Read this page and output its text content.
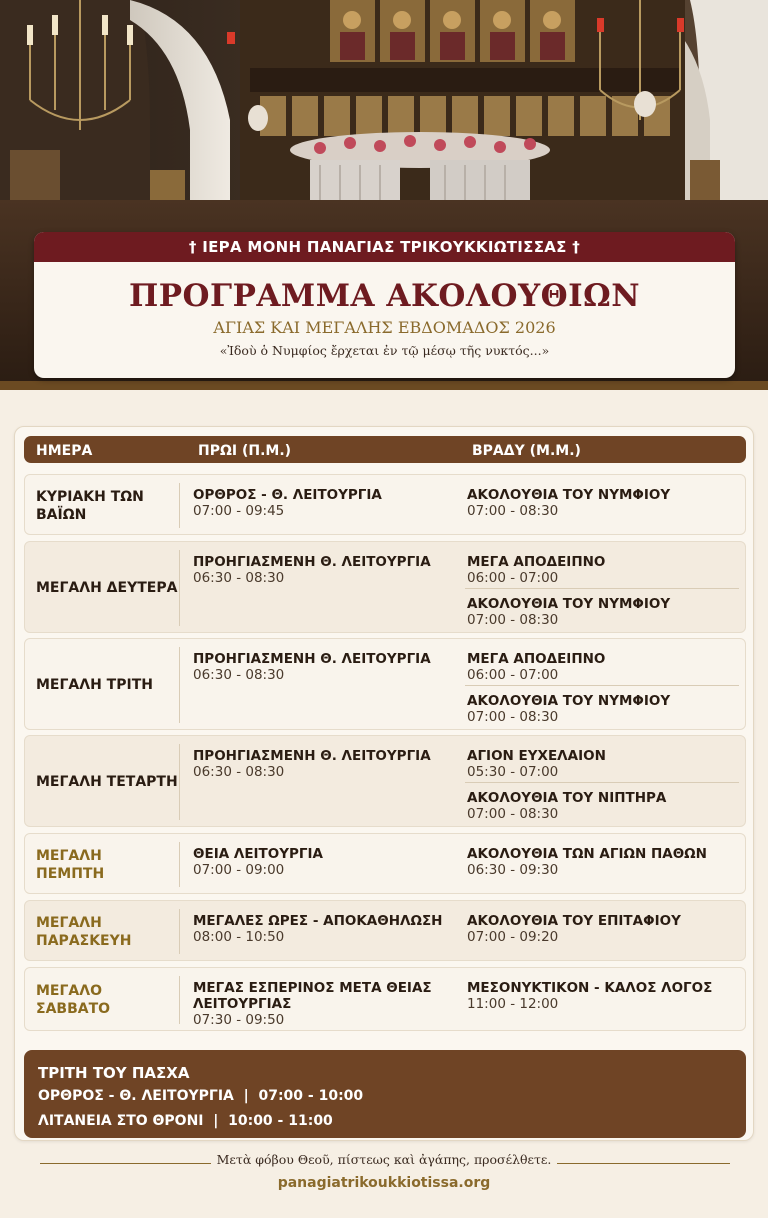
† ΙΕΡΑ ΜΟΝΗ ΠΑΝΑΓΙΑΣ ΤΡΙΚΟΥΚΚΙΩΤΙΣΣΑΣ †
ΠΡΟΓΡΑΜΜΑ ΑΚΟΛΟΥΘΙΩΝ
ΑΓΙΑΣ ΚΑΙ ΜΕΓΑΛΗΣ ΕΒΔΟΜΑΔΟΣ 2026
«Ἰδοὺ ὁ Νυμφίος ἔρχεται ἐν τῷ μέσῳ τῆς νυκτός...»
ΗΜΕΡΑ	ΠΡΩΙ (Π.Μ.)	ΒΡΑΔΥ (Μ.Μ.)
ΚΥΡΙΑΚΗ ΤΩΝ ΒΑΪΩΝ
ΟΡΘΡΟΣ - Θ. ΛΕΙΤΟΥΡΓΙΑ
07:00 - 09:45
ΑΚΟΛΟΥΘΙΑ ΤΟΥ ΝΥΜΦΙΟΥ
07:00 - 08:30
ΜΕΓΑΛΗ ΔΕΥΤΕΡΑ
ΠΡΟΗΓΙΑΣΜΕΝΗ Θ. ΛΕΙΤΟΥΡΓΙΑ
06:30 - 08:30
ΜΕΓΑ ΑΠΟΔΕΙΠΝΟ
06:00 - 07:00
ΑΚΟΛΟΥΘΙΑ ΤΟΥ ΝΥΜΦΙΟΥ
07:00 - 08:30
ΜΕΓΑΛΗ ΤΡΙΤΗ
ΠΡΟΗΓΙΑΣΜΕΝΗ Θ. ΛΕΙΤΟΥΡΓΙΑ
06:30 - 08:30
ΜΕΓΑ ΑΠΟΔΕΙΠΝΟ
06:00 - 07:00
ΑΚΟΛΟΥΘΙΑ ΤΟΥ ΝΥΜΦΙΟΥ
07:00 - 08:30
ΜΕΓΑΛΗ ΤΕΤΑΡΤΗ
ΠΡΟΗΓΙΑΣΜΕΝΗ Θ. ΛΕΙΤΟΥΡΓΙΑ
06:30 - 08:30
ΑΓΙΟΝ ΕΥΧΕΛΑΙΟΝ
05:30 - 07:00
ΑΚΟΛΟΥΘΙΑ ΤΟΥ ΝΙΠΤΗΡΑ
07:00 - 08:30
ΜΕΓΑΛΗ ΠΕΜΠΤΗ
ΘΕΙΑ ΛΕΙΤΟΥΡΓΙΑ
07:00 - 09:00
ΑΚΟΛΟΥΘΙΑ ΤΩΝ ΑΓΙΩΝ ΠΑΘΩΝ
06:30 - 09:30
ΜΕΓΑΛΗ ΠΑΡΑΣΚΕΥΗ
ΜΕΓΑΛΕΣ ΩΡΕΣ - ΑΠΟΚΑΘΗΛΩΣΗ
08:00 - 10:50
ΑΚΟΛΟΥΘΙΑ ΤΟΥ ΕΠΙΤΑΦΙΟΥ
07:00 - 09:20
ΜΕΓΑΛΟ ΣΑΒΒΑΤΟ
ΜΕΓΑΣ ΕΣΠΕΡΙΝΟΣ ΜΕΤΑ ΘΕΙΑΣ ΛΕΙΤΟΥΡΓΙΑΣ
07:30 - 09:50
ΜΕΣΟΝΥΚΤΙΚΟΝ - ΚΑΛΟΣ ΛΟΓΟΣ
11:00 - 12:00
ΤΡΙΤΗ ΤΟΥ ΠΑΣΧΑ
ΟΡΘΡΟΣ - Θ. ΛΕΙΤΟΥΡΓΙΑ  |  07:00 - 10:00
ΛΙΤΑΝΕΙΑ ΣΤΟ ΘΡΟΝΙ  |  10:00 - 11:00
Μετὰ φόβου Θεοῦ, πίστεως καὶ ἀγάπης, προσέλθετε.
panagiatrikoukkiotissa.org
